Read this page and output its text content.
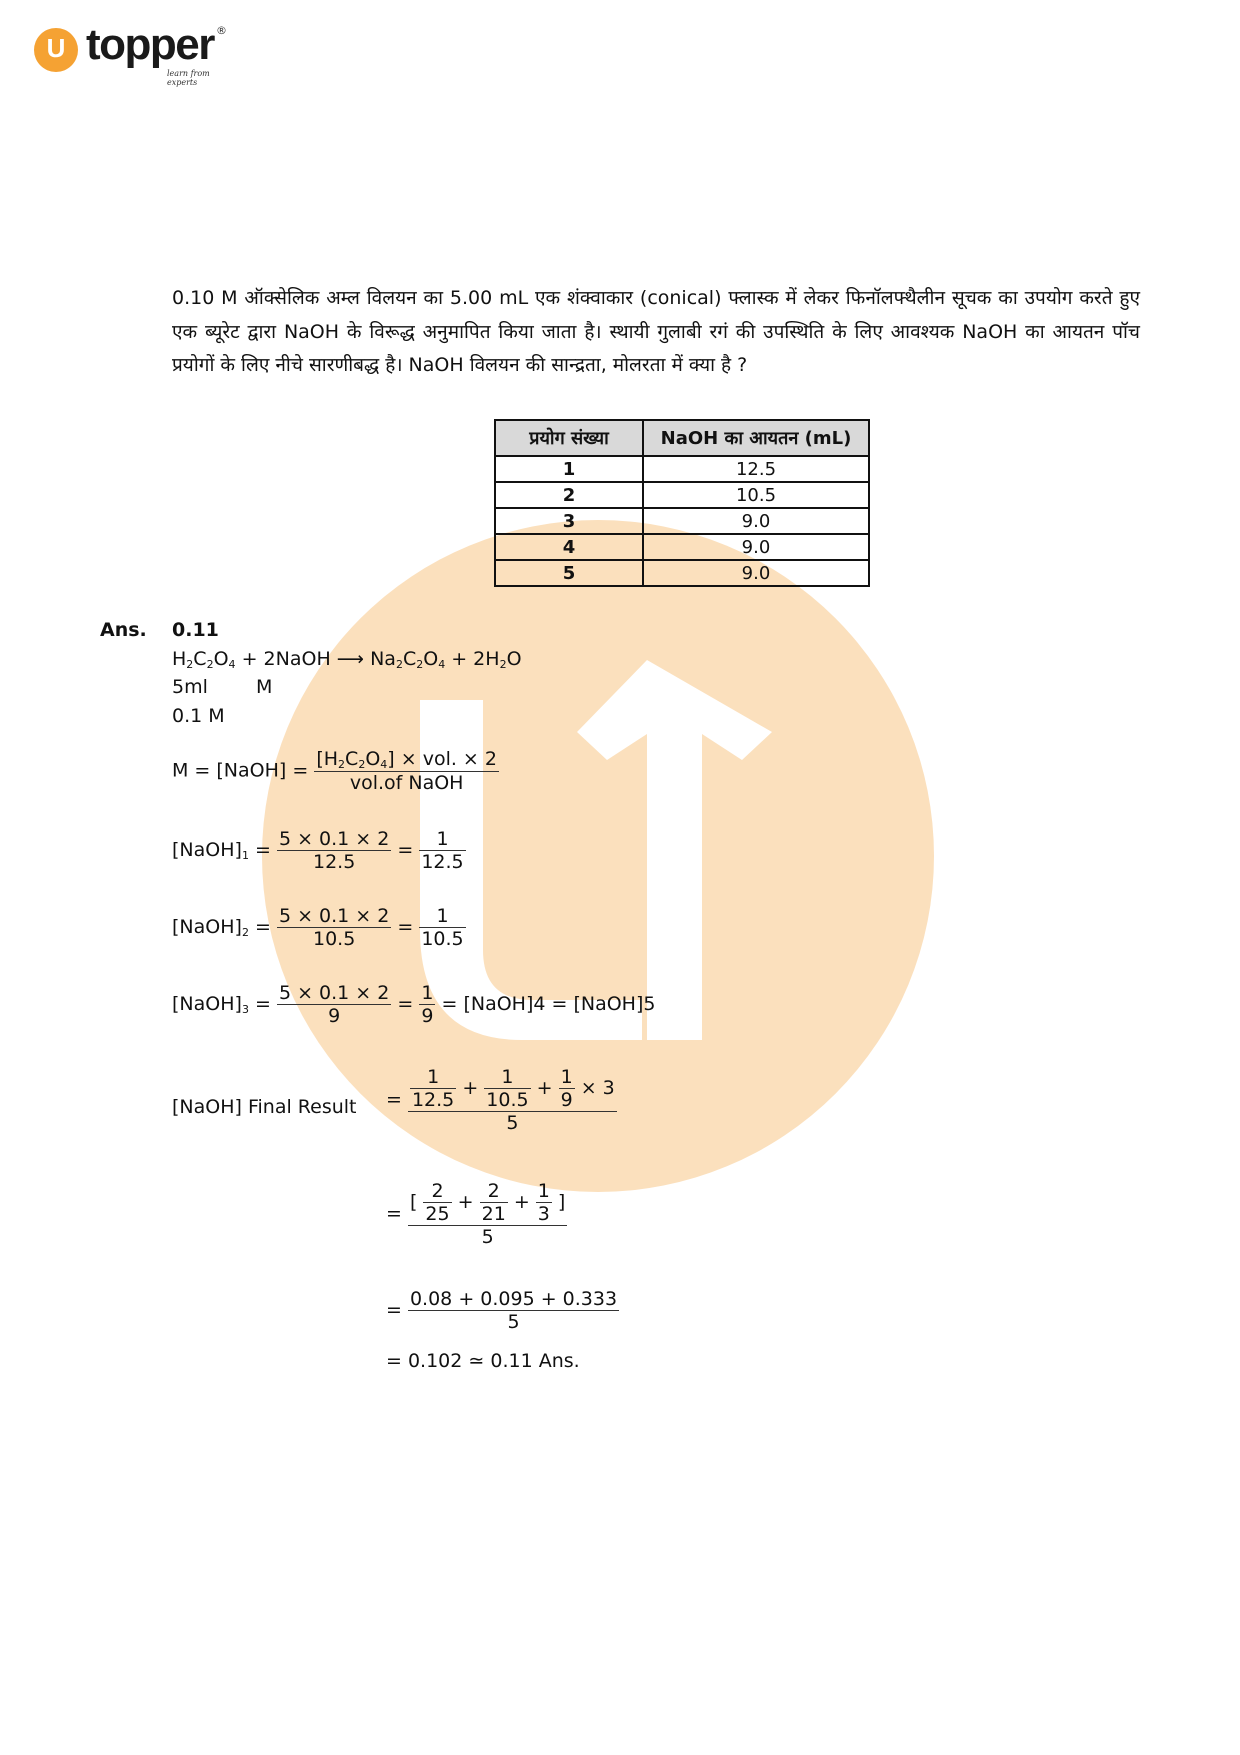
U topper ®
learn from experts
0.10 M ऑक्सेलिक अम्ल विलयन का 5.00 mL एक शंक्वाकार (conical) फ्लास्क में लेकर फिनॉलफ्थैलीन सूचक का उपयोग करते हुए एक ब्यूरेट द्वारा NaOH के विरूद्ध अनुमापित किया जाता है। स्थायी गुलाबी रगं की उपस्थिति के लिए आवश्यक NaOH का आयतन पॉच प्रयोगों के लिए नीचे सारणीबद्ध है। NaOH विलयन की सान्द्रता, मोलरता में क्या है ?
प्रयोग संख्या	NaOH का आयतन (mL)
1	12.5
2	10.5
3	9.0
4	9.0
5	9.0
Ans. 0.11
$H_2C_2O_4$ + 2NaOH ⟶ $Na_2C_2O_4 + 2H_2O$
5ml	M
0.1 M
M = [NaOH] = $\frac{[H_2C_2O_4] \times vol. \times 2}{\text{vol.of NaOH}}$
$[NaOH]_1 = \frac{5 \times 0.1 \times 2}{12.5} = \frac{1}{12.5}$
$[NaOH]_2 = \frac{5 \times 0.1 \times 2}{10.5} = \frac{1}{10.5}$
$[NaOH]_3 = \frac{5 \times 0.1 \times 2}{9} = \frac{1}{9}$ = [NaOH]4 = [NaOH]5
[NaOH] Final Result = $\frac{\frac{1}{12.5} + \frac{1}{10.5} + \frac{1}{9} \times 3}{5}$
= $\frac{[ \frac{2}{25} + \frac{2}{21} + \frac{1}{3} ]}{5}$
= $\frac{0.08 + 0.095 + 0.333}{5}$
= 0.102 ≃ 0.11 Ans.
